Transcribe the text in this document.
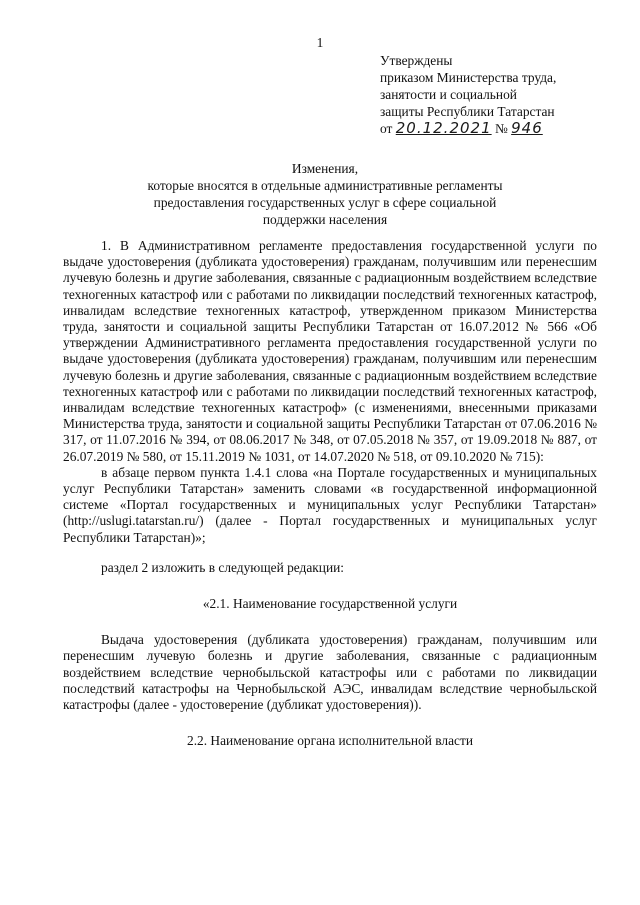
1
Утверждены
приказом Министерства труда,
занятости и социальной
защиты Республики Татарстан
от 20.12.2021 № 946
Изменения,
которые вносятся в отдельные административные регламенты
предоставления государственных услуг в сфере социальной
поддержки населения

1. В Административном регламенте предоставления государственной услуги по выдаче удостоверения (дубликата удостоверения) гражданам, получившим или перенесшим лучевую болезнь и другие заболевания, связанные с радиационным воздействием вследствие техногенных катастроф или с работами по ликвидации последствий техногенных катастроф, инвалидам вследствие техногенных катастроф, утвержденном приказом Министерства труда, занятости и социальной защиты Республики Татарстан от 16.07.2012 № 566 «Об утверждении Административного регламента предоставления государственной услуги по выдаче удостоверения (дубликата удостоверения) гражданам, получившим или перенесшим лучевую болезнь и другие заболевания, связанные с радиационным воздействием вследствие техногенных катастроф или с работами по ликвидации последствий техногенных катастроф, инвалидам вследствие техногенных катастроф» (с изменениями, внесенными приказами Министерства труда, занятости и социальной защиты Республики Татарстан от 07.06.2016 № 317, от 11.07.2016 № 394, от 08.06.2017 № 348, от 07.05.2018 № 357, от 19.09.2018 № 887, от 26.07.2019 № 580, от 15.11.2019 № 1031, от 14.07.2020 № 518, от 09.10.2020 № 715):

в абзаце первом пункта 1.4.1 слова «на Портале государственных и муниципальных услуг Республики Татарстан» заменить словами «в государственной информационной системе «Портал государственных и муниципальных услуг Республики Татарстан» (http://uslugi.tatarstan.ru/) (далее - Портал государственных и муниципальных услуг Республики Татарстан)»;

раздел 2 изложить в следующей редакции:

«2.1. Наименование государственной услуги

Выдача удостоверения (дубликата удостоверения) гражданам, получившим или перенесшим лучевую болезнь и другие заболевания, связанные с радиационным воздействием вследствие чернобыльской катастрофы или с работами по ликвидации последствий катастрофы на Чернобыльской АЭС, инвалидам вследствие чернобыльской катастрофы (далее - удостоверение (дубликат удостоверения)).

2.2. Наименование органа исполнительной власти
